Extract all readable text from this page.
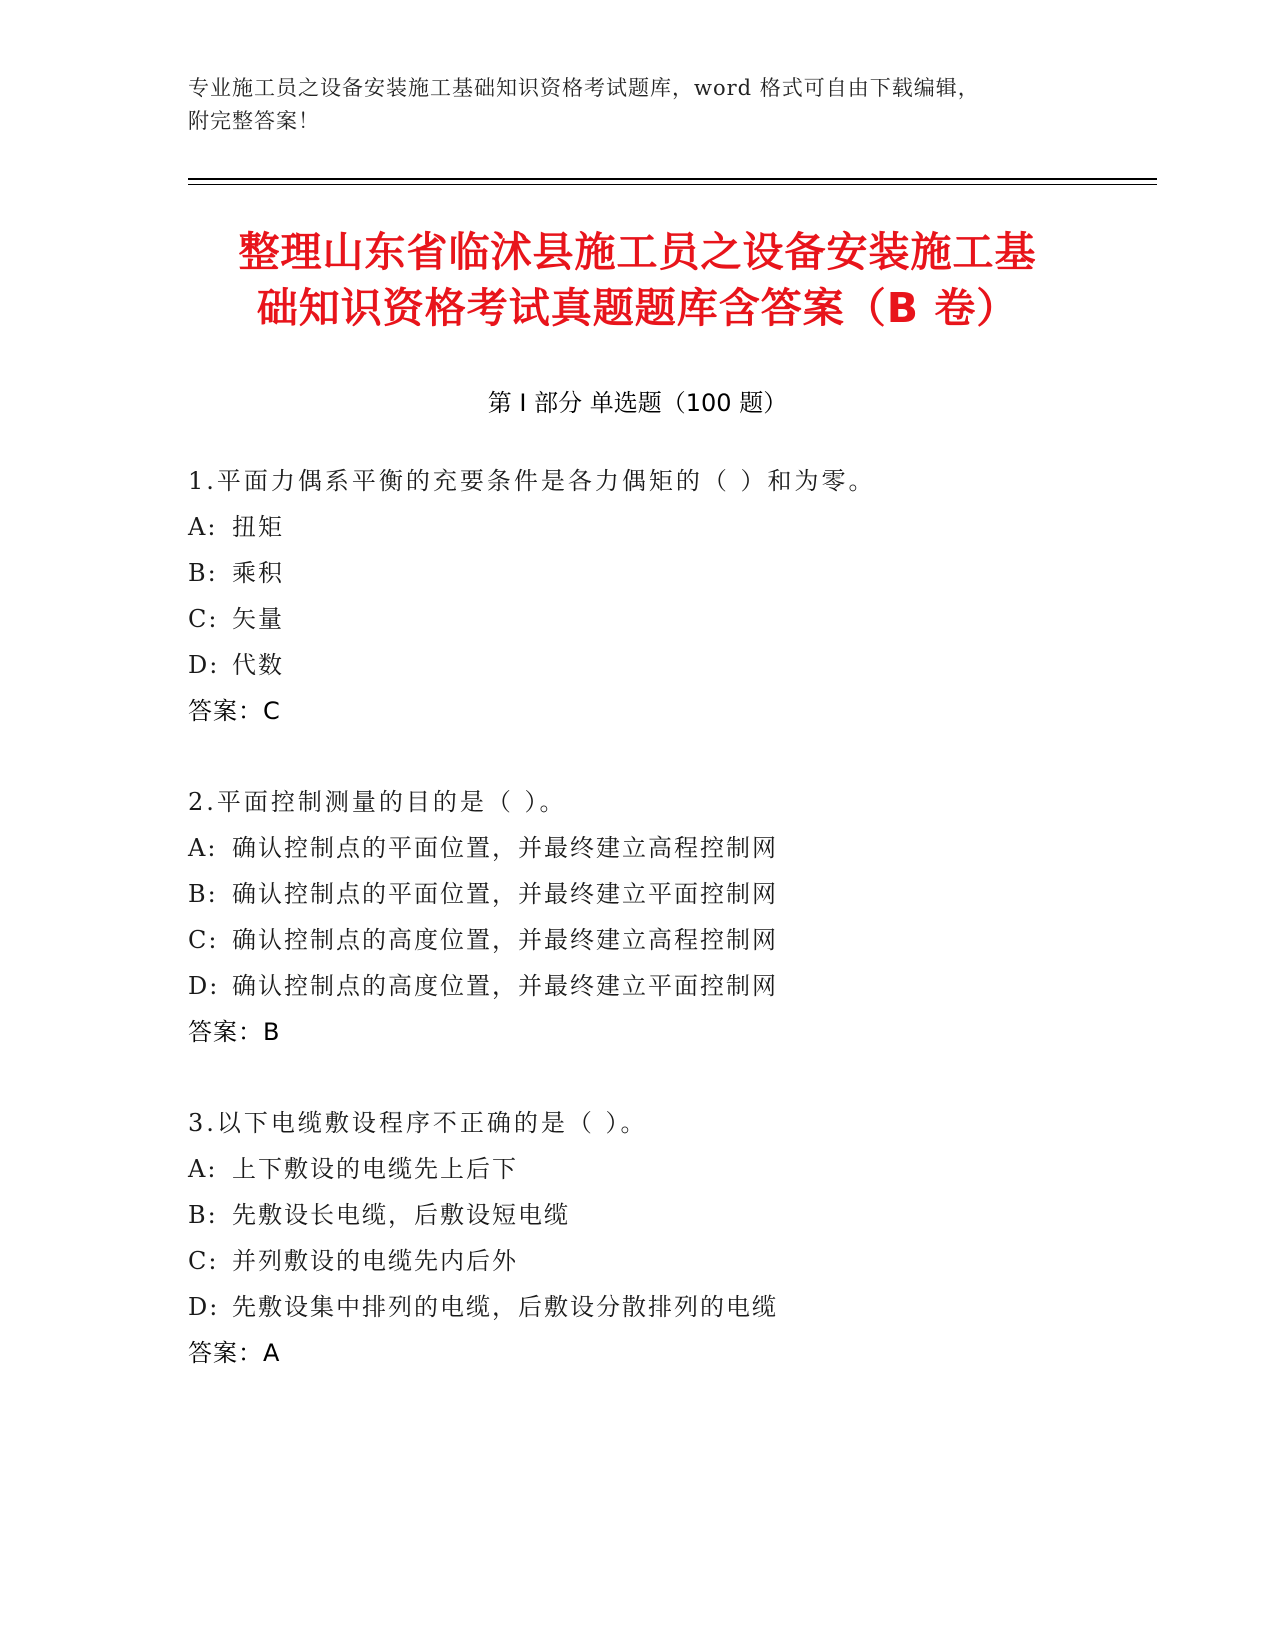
专业施工员之设备安装施工基础知识资格考试题库，word 格式可自由下载编辑，
附完整答案！
整理山东省临沭县施工员之设备安装施工基
础知识资格考试真题题库含答案（B 卷）
第 I 部分 单选题（100 题）
1.平面力偶系平衡的充要条件是各力偶矩的（ ）和为零。
A: 扭矩
B: 乘积
C: 矢量
D: 代数
答案：C
2.平面控制测量的目的是（ ）。
A: 确认控制点的平面位置，并最终建立高程控制网
B: 确认控制点的平面位置，并最终建立平面控制网
C: 确认控制点的高度位置，并最终建立高程控制网
D: 确认控制点的高度位置，并最终建立平面控制网
答案：B
3.以下电缆敷设程序不正确的是（ ）。
A: 上下敷设的电缆先上后下
B: 先敷设长电缆，后敷设短电缆
C: 并列敷设的电缆先内后外
D: 先敷设集中排列的电缆，后敷设分散排列的电缆
答案：A
